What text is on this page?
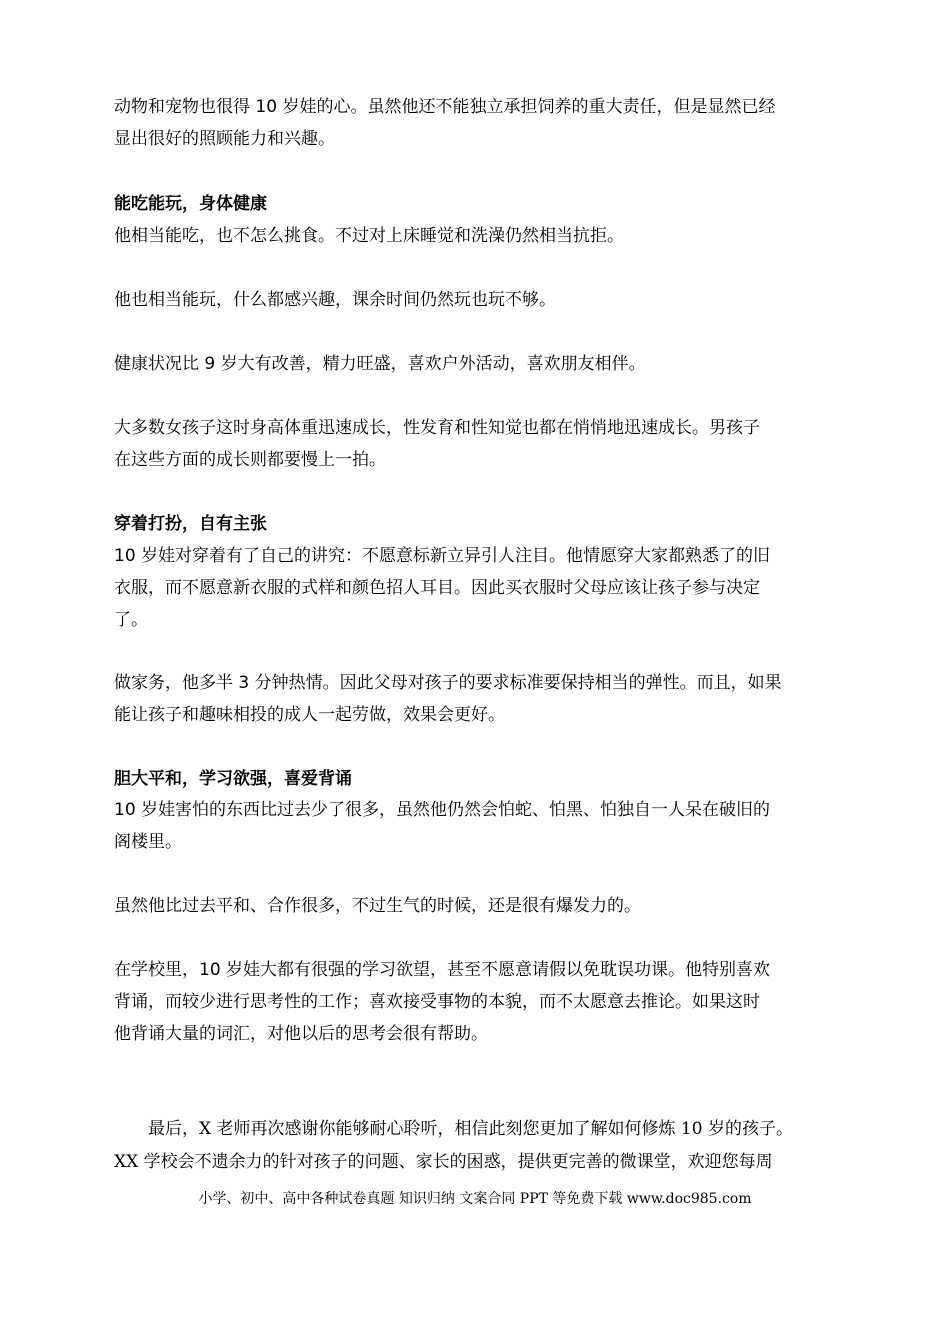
动物和宠物也很得 10 岁娃的心。虽然他还不能独立承担饲养的重大责任，但是显然已经
显出很好的照顾能力和兴趣。

能吃能玩，身体健康

他相当能吃，也不怎么挑食。不过对上床睡觉和洗澡仍然相当抗拒。

他也相当能玩，什么都感兴趣，课余时间仍然玩也玩不够。

健康状况比 9 岁大有改善，精力旺盛，喜欢户外活动，喜欢朋友相伴。

大多数女孩子这时身高体重迅速成长，性发育和性知觉也都在悄悄地迅速成长。男孩子
在这些方面的成长则都要慢上一拍。

穿着打扮，自有主张

10 岁娃对穿着有了自己的讲究：不愿意标新立异引人注目。他情愿穿大家都熟悉了的旧
衣服，而不愿意新衣服的式样和颜色招人耳目。因此买衣服时父母应该让孩子参与决定
了。

做家务，他多半 3 分钟热情。因此父母对孩子的要求标准要保持相当的弹性。而且，如果
能让孩子和趣味相投的成人一起劳做，效果会更好。

胆大平和，学习欲强，喜爱背诵

10 岁娃害怕的东西比过去少了很多，虽然他仍然会怕蛇、怕黑、怕独自一人呆在破旧的
阁楼里。

虽然他比过去平和、合作很多，不过生气的时候，还是很有爆发力的。

在学校里，10 岁娃大都有很强的学习欲望，甚至不愿意请假以免耽误功课。他特别喜欢
背诵，而较少进行思考性的工作；喜欢接受事物的本貌，而不太愿意去推论。如果这时
他背诵大量的词汇，对他以后的思考会很有帮助。

　　最后，X 老师再次感谢你能够耐心聆听，相信此刻您更加了解如何修炼 10 岁的孩子。
XX 学校会不遗余力的针对孩子的问题、家长的困惑，提供更完善的微课堂，欢迎您每周

小学、初中、高中各种试卷真题 知识归纳 文案合同 PPT 等免费下载 www.doc985.com
